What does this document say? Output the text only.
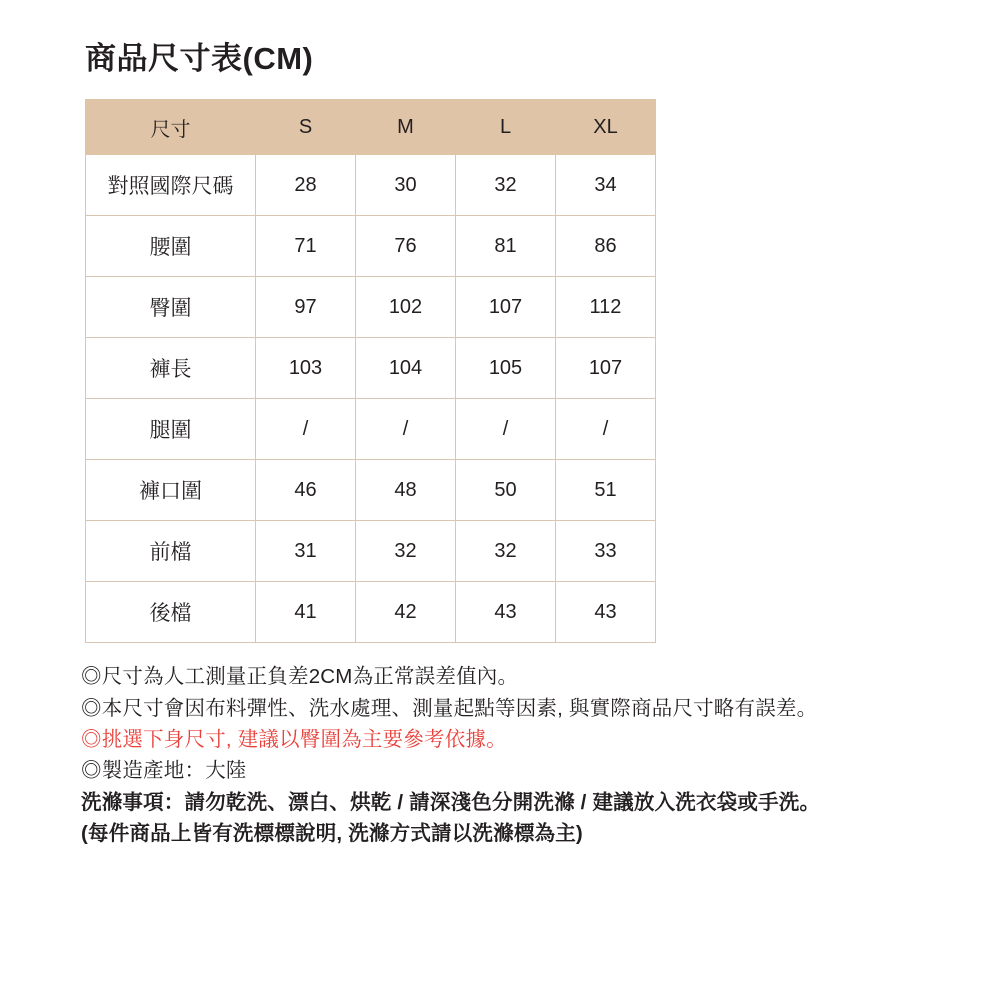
商品尺寸表(CM)
尺寸	S	M	L	XL
對照國際尺碼	28	30	32	34
腰圍	71	76	81	86
臀圍	97	102	107	112
褲長	103	104	105	107
腿圍	/	/	/	/
褲口圍	46	48	50	51
前檔	31	32	32	33
後檔	41	42	43	43
◎尺寸為人工測量正負差2CM為正常誤差值內。
◎本尺寸會因布料彈性、洗水處理、測量起點等因素, 與實際商品尺寸略有誤差。
◎挑選下身尺寸, 建議以臀圍為主要參考依據。
◎製造產地：大陸
洗滌事項：請勿乾洗、漂白、烘乾 / 請深淺色分開洗滌 / 建議放入洗衣袋或手洗。
(每件商品上皆有洗標標說明, 洗滌方式請以洗滌標為主)
